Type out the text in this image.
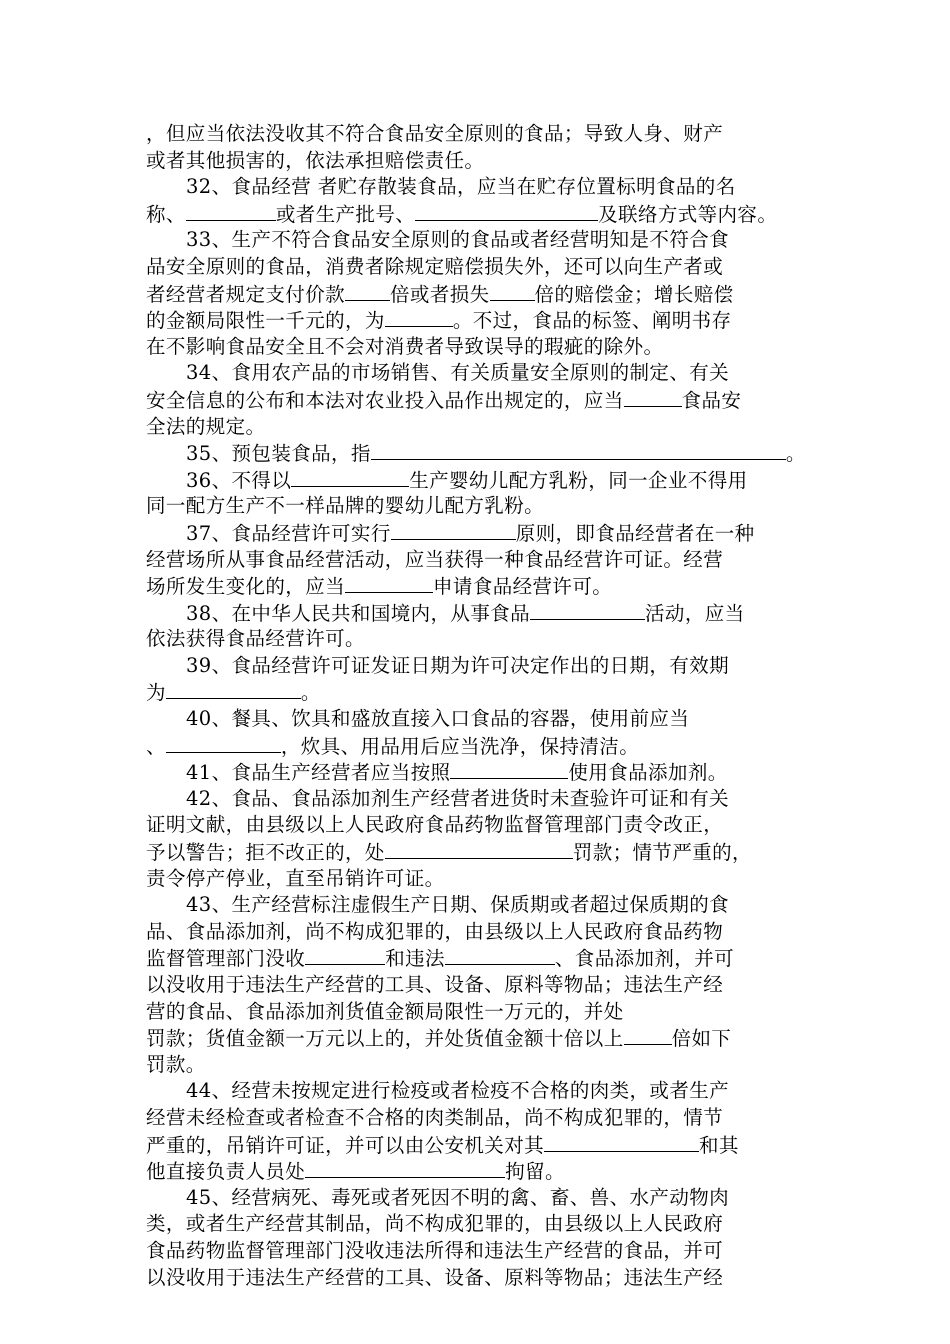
，但应当依法没收其不符合食品安全原则的食品；导致人身、财产
或者其他损害的，依法承担赔偿责任。
32、食品经营 者贮存散装食品，应当在贮存位置标明食品的名
称、	或者生产批号、	及联络方式等内容。
33、生产不符合食品安全原则的食品或者经营明知是不符合食
品安全原则的食品，消费者除规定赔偿损失外，还可以向生产者或
者经营者规定支付价款 倍或者损失 倍的赔偿金；增长赔偿
的金额局限性一千元的，为	。不过，食品的标签、阐明书存
在不影响食品安全且不会对消费者导致误导的瑕疵的除外。
34、食用农产品的市场销售、有关质量安全原则的制定、有关
安全信息的公布和本法对农业投入品作出规定的，应当	食品安
全法的规定。
35、预包装食品，指	。
36、不得以	生产婴幼儿配方乳粉，同一企业不得用
同一配方生产不一样品牌的婴幼儿配方乳粉。
37、食品经营许可实行	原则，即食品经营者在一种
经营场所从事食品经营活动，应当获得一种食品经营许可证。经营
场所发生变化的，应当	申请食品经营许可。
38、在中华人民共和国境内，从事食品	活动，应当
依法获得食品经营许可。
39、食品经营许可证发证日期为许可决定作出的日期，有效期
为	。
40、餐具、饮具和盛放直接入口食品的容器，使用前应当
、	，炊具、用品用后应当洗净，保持清洁。
41、食品生产经营者应当按照	使用食品添加剂。
42、食品、食品添加剂生产经营者进货时未查验许可证和有关
证明文献，由县级以上人民政府食品药物监督管理部门责令改正，
予以警告；拒不改正的，处	罚款；情节严重的，
责令停产停业，直至吊销许可证。
43、生产经营标注虚假生产日期、保质期或者超过保质期的食
品、食品添加剂，尚不构成犯罪的，由县级以上人民政府食品药物
监督管理部门没收	和违法	、食品添加剂，并可
以没收用于违法生产经营的工具、设备、原料等物品；违法生产经
营的食品、食品添加剂货值金额局限性一万元的，并处
罚款；货值金额一万元以上的，并处货值金额十倍以上 倍如下
罚款。
44、经营未按规定进行检疫或者检疫不合格的肉类，或者生产
经营未经检查或者检查不合格的肉类制品，尚不构成犯罪的，情节
严重的，吊销许可证，并可以由公安机关对其	和其
他直接负责人员处	拘留。
45、经营病死、毒死或者死因不明的禽、畜、兽、水产动物肉
类，或者生产经营其制品，尚不构成犯罪的，由县级以上人民政府
食品药物监督管理部门没收违法所得和违法生产经营的食品，并可
以没收用于违法生产经营的工具、设备、原料等物品；违法生产经
